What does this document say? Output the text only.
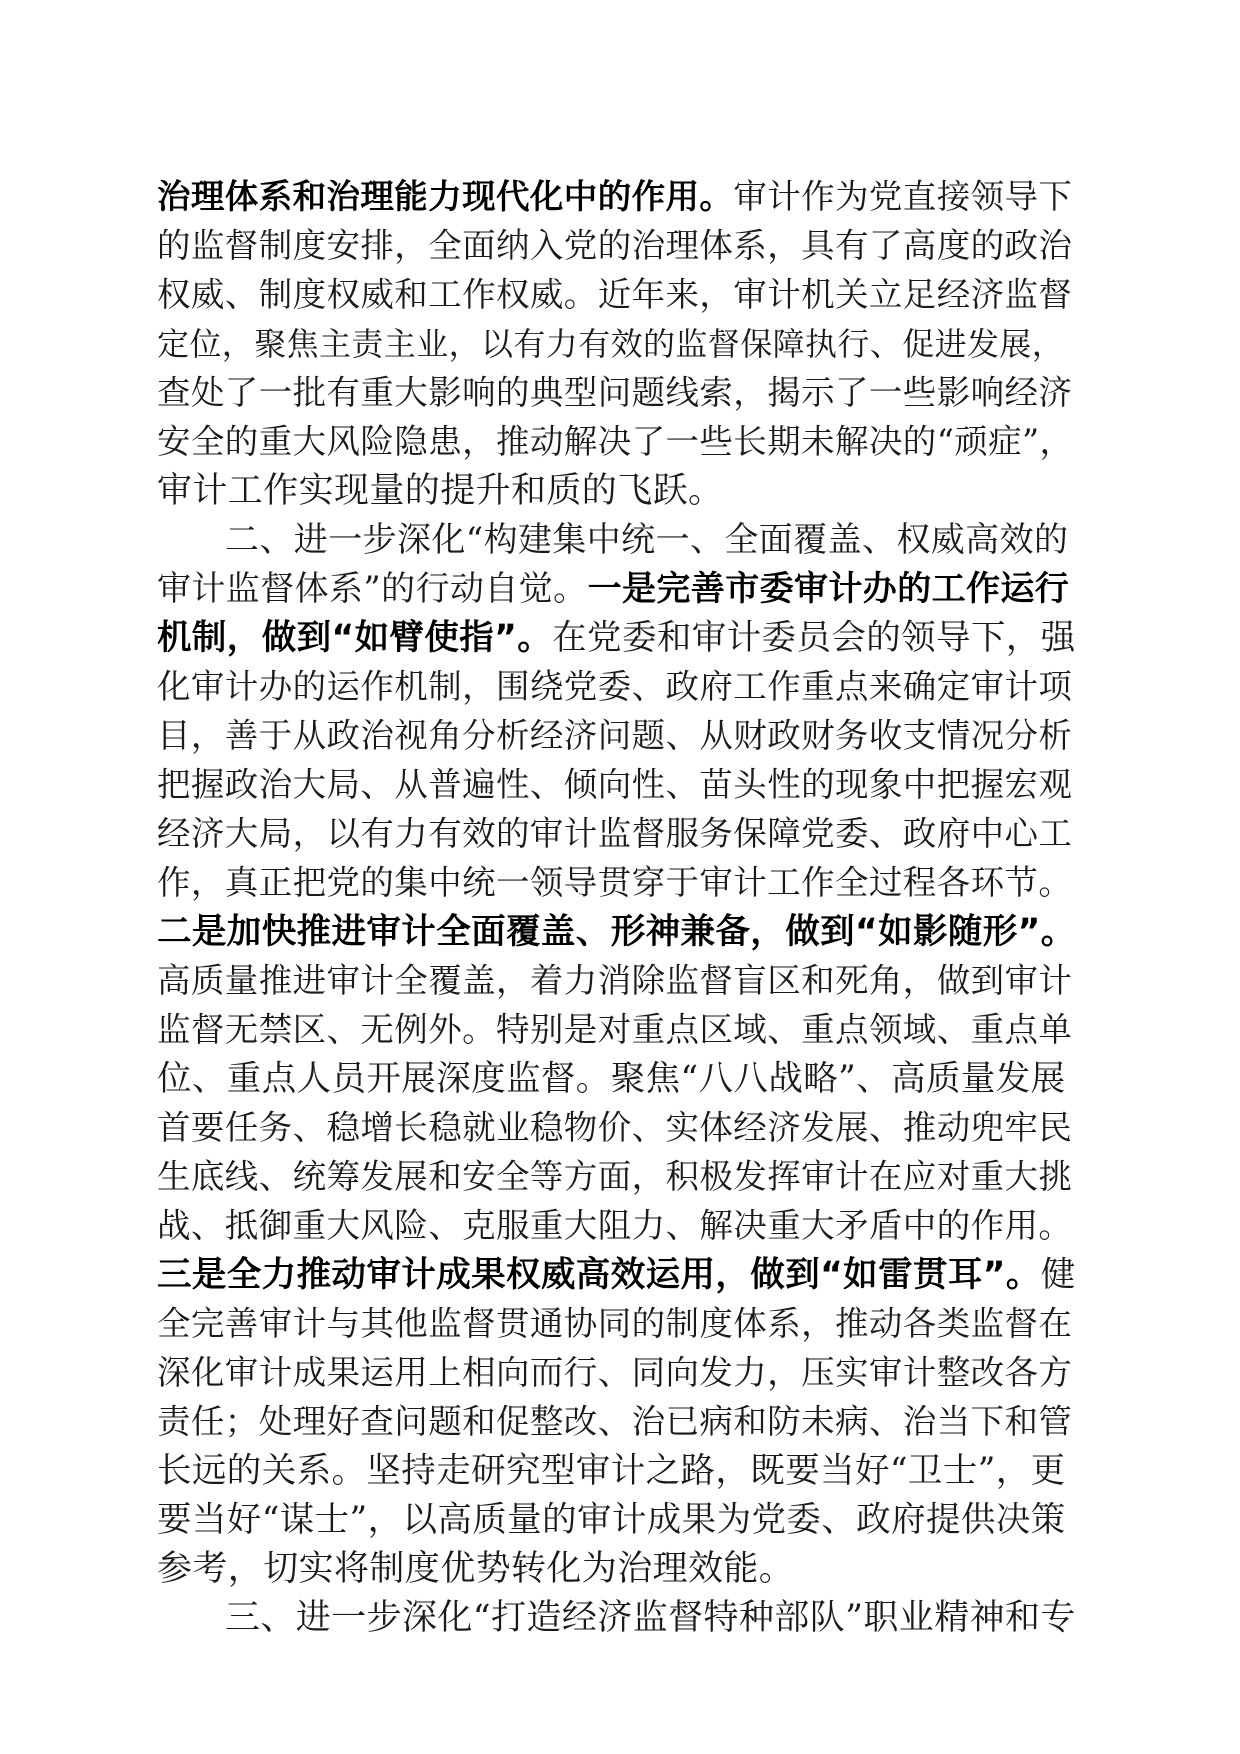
治理体系和治理能力现代化中的作用。审计作为党直接领导下
的监督制度安排，全面纳入党的治理体系，具有了高度的政治
权威、制度权威和工作权威。近年来，审计机关立足经济监督
定位，聚焦主责主业，以有力有效的监督保障执行、促进发展，
查处了一批有重大影响的典型问题线索，揭示了一些影响经济
安全的重大风险隐患，推动解决了一些长期未解决的“顽症”，
审计工作实现量的提升和质的飞跃。
二、进一步深化“构建集中统一、全面覆盖、权威高效的
审计监督体系”的行动自觉。一是完善市委审计办的工作运行
机制，做到“如臂使指”。在党委和审计委员会的领导下，强
化审计办的运作机制，围绕党委、政府工作重点来确定审计项
目，善于从政治视角分析经济问题、从财政财务收支情况分析
把握政治大局、从普遍性、倾向性、苗头性的现象中把握宏观
经济大局，以有力有效的审计监督服务保障党委、政府中心工
作，真正把党的集中统一领导贯穿于审计工作全过程各环节。
二是加快推进审计全面覆盖、形神兼备，做到“如影随形”。
高质量推进审计全覆盖，着力消除监督盲区和死角，做到审计
监督无禁区、无例外。特别是对重点区域、重点领域、重点单
位、重点人员开展深度监督。聚焦“八八战略”、高质量发展
首要任务、稳增长稳就业稳物价、实体经济发展、推动兜牢民
生底线、统筹发展和安全等方面，积极发挥审计在应对重大挑
战、抵御重大风险、克服重大阻力、解决重大矛盾中的作用。
三是全力推动审计成果权威高效运用，做到“如雷贯耳”。健
全完善审计与其他监督贯通协同的制度体系，推动各类监督在
深化审计成果运用上相向而行、同向发力，压实审计整改各方
责任；处理好查问题和促整改、治已病和防未病、治当下和管
长远的关系。坚持走研究型审计之路，既要当好“卫士”，更
要当好“谋士”，以高质量的审计成果为党委、政府提供决策
参考，切实将制度优势转化为治理效能。
三、进一步深化“打造经济监督特种部队”职业精神和专
